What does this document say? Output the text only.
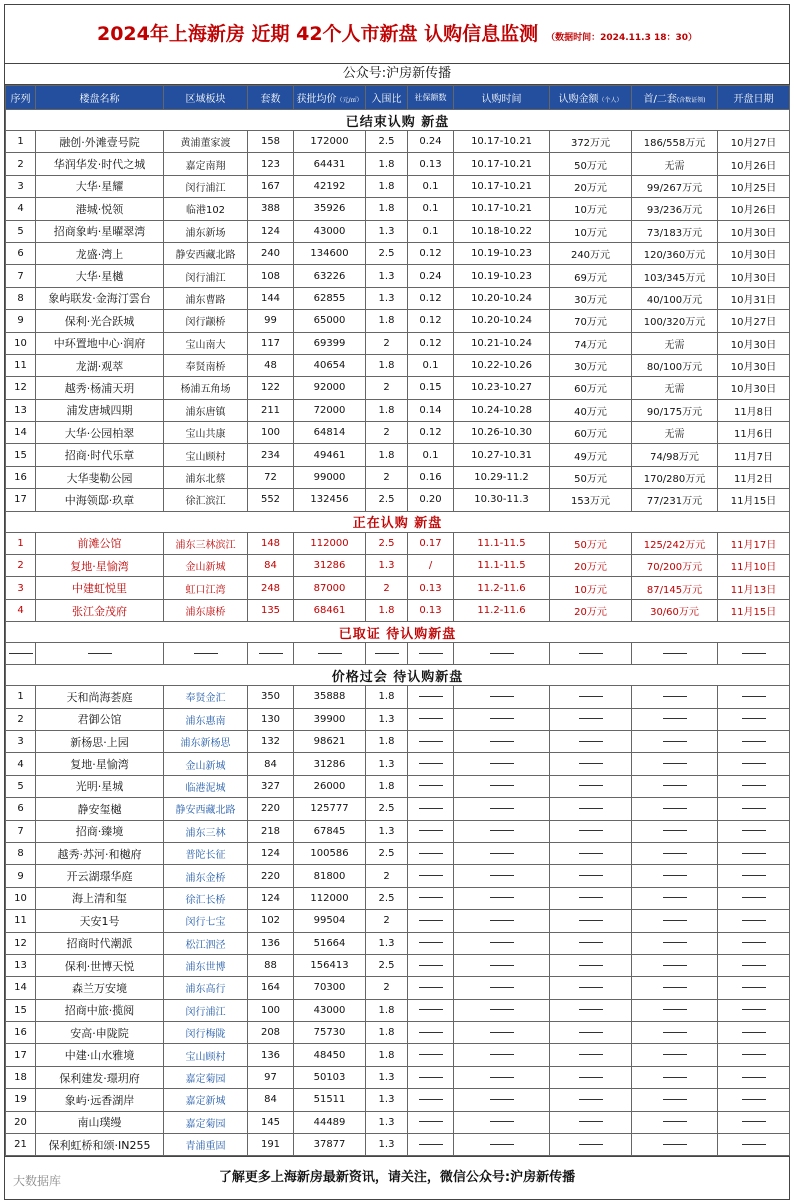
2024年上海新房 近期 42个人市新盘 认购信息监测 （数据时间：2024.11.3 18：30）
公众号:沪房新传播
序列	楼盘名称	区域板块	套数	获批均价（元/㎡）	入围比	社保额数	认购时间	认购金额（个人）	首/二套(含数证领)	开盘日期
已结束认购 新盘										
1	融创·外滩壹号院	黄浦董家渡	158	172000	2.5	0.24	10.17-10.21	372万元	186/558万元	10月27日
2	华润华发·时代之城	嘉定南翔	123	64431	1.8	0.13	10.17-10.21	50万元	无需	10月26日
3	大华·星耀	闵行浦江	167	42192	1.8	0.1	10.17-10.21	20万元	99/267万元	10月25日
4	港城·悦领	临港102	388	35926	1.8	0.1	10.17-10.21	10万元	93/236万元	10月26日
5	招商象屿·星曜翠湾	浦东新场	124	43000	1.3	0.1	10.18-10.22	10万元	73/183万元	10月30日
6	龙盛·湾上	静安西藏北路	240	134600	2.5	0.12	10.19-10.23	240万元	120/360万元	10月30日
7	大华·星樾	闵行浦江	108	63226	1.3	0.24	10.19-10.23	69万元	103/345万元	10月30日
8	象屿联发·金海汀雲台	浦东曹路	144	62855	1.3	0.12	10.20-10.24	30万元	40/100万元	10月31日
9	保利·光合跃城	闵行颛桥	99	65000	1.8	0.12	10.20-10.24	70万元	100/320万元	10月27日
10	中环置地中心·润府	宝山南大	117	69399	2	0.12	10.21-10.24	74万元	无需	10月30日
11	龙湖·观萃	奉贤南桥	48	40654	1.8	0.1	10.22-10.26	30万元	80/100万元	10月30日
12	越秀·杨浦天玥	杨浦五角场	122	92000	2	0.15	10.23-10.27	60万元	无需	10月30日
13	浦发唐城四期	浦东唐镇	211	72000	1.8	0.14	10.24-10.28	40万元	90/175万元	11月8日
14	大华·公园柏翠	宝山共康	100	64814	2	0.12	10.26-10.30	60万元	无需	11月6日
15	招商·时代乐章	宝山顾村	234	49461	1.8	0.1	10.27-10.31	49万元	74/98万元	11月7日
16	大华斐勒公园	浦东北蔡	72	99000	2	0.16	10.29-11.2	50万元	170/280万元	11月2日
17	中海领邸·玖章	徐汇滨江	552	132456	2.5	0.20	10.30-11.3	153万元	77/231万元	11月15日
正在认购 新盘										
1	前滩公馆	浦东三林滨江	148	112000	2.5	0.17	11.1-11.5	50万元	125/242万元	11月17日
2	复地·星愉湾	金山新城	84	31286	1.3	/	11.1-11.5	20万元	70/200万元	11月10日
3	中建虹悦里	虹口江湾	248	87000	2	0.13	11.2-11.6	10万元	87/145万元	11月13日
4	张江金茂府	浦东康桥	135	68461	1.8	0.13	11.2-11.6	20万元	30/60万元	11月15日
已取证 待认购新盘										

价格过会 待认购新盘										
1	天和尚海荟庭	奉贤金汇	350	35888	1.8					
2	君御公馆	浦东惠南	130	39900	1.3					
3	新杨思·上园	浦东新杨思	132	98621	1.8					
4	复地·星愉湾	金山新城	84	31286	1.3					
5	光明·星城	临港泥城	327	26000	1.8					
6	静安玺樾	静安西藏北路	220	125777	2.5					
7	招商·臻境	浦东三林	218	67845	1.3					
8	越秀·苏河·和樾府	普陀长征	124	100586	2.5					
9	开云湖璟华庭	浦东金桥	220	81800	2					
10	海上清和玺	徐汇长桥	124	112000	2.5					
11	天安1号	闵行七宝	102	99504	2					
12	招商时代潮派	松江泗泾	136	51664	1.3					
13	保利·世博天悦	浦东世博	88	156413	2.5					
14	森兰万安境	浦东高行	164	70300	2					
15	招商中旅·揽阅	闵行浦江	100	43000	1.8					
16	安高·申陇院	闵行梅陇	208	75730	1.8					
17	中建·山水雅境	宝山顾村	136	48450	1.8					
18	保利建发·璟玥府	嘉定菊园	97	50103	1.3					
19	象屿·远香湖岸	嘉定新城	84	51511	1.3					
20	南山璞缦	嘉定菊园	145	44489	1.3					
21	保利虹桥和颂·IN255	青浦重固	191	37877	1.3					
了解更多上海新房最新资讯，请关注，微信公众号:沪房新传播
大数据库
